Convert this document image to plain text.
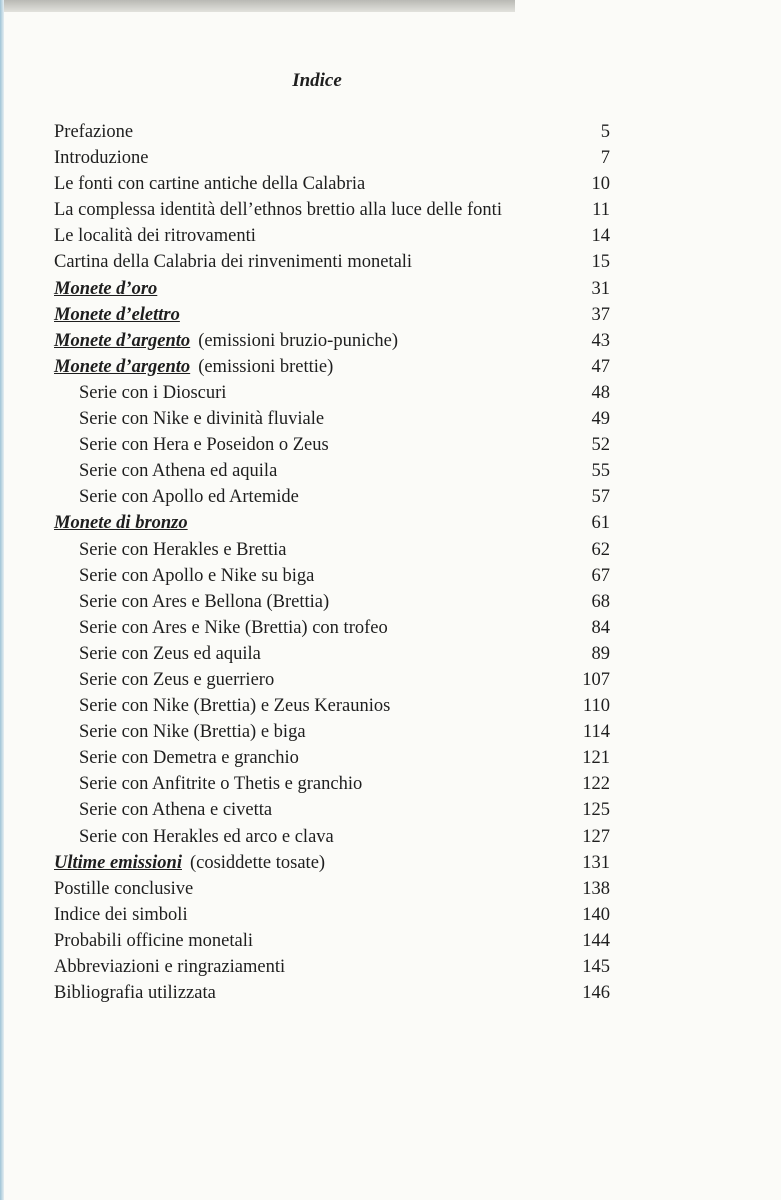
Indice
Prefazione	5
Introduzione	7
Le fonti con cartine antiche della Calabria	10
La complessa identità dell’ethnos brettio alla luce delle fonti	11
Le località dei ritrovamenti	14
Cartina della Calabria dei rinvenimenti monetali	15
Monete d’oro	31
Monete d’elettro	37
Monete d’argento (emissioni bruzio-puniche)	43
Monete d’argento (emissioni brettie)	47
Serie con i Dioscuri	48
Serie con Nike e divinità fluviale	49
Serie con Hera e Poseidon o Zeus	52
Serie con Athena ed aquila	55
Serie con Apollo ed Artemide	57
Monete di bronzo	61
Serie con Herakles e Brettia	62
Serie con Apollo e Nike su biga	67
Serie con Ares e Bellona (Brettia)	68
Serie con Ares e Nike (Brettia) con trofeo	84
Serie con Zeus ed aquila	89
Serie con Zeus e guerriero	107
Serie con Nike (Brettia) e Zeus Keraunios	110
Serie con Nike (Brettia) e biga	114
Serie con Demetra e granchio	121
Serie con Anfitrite o Thetis e granchio	122
Serie con Athena e civetta	125
Serie con Herakles ed arco e clava	127
Ultime emissioni (cosiddette tosate)	131
Postille conclusive	138
Indice dei simboli	140
Probabili officine monetali	144
Abbreviazioni e ringraziamenti	145
Bibliografia utilizzata	146
